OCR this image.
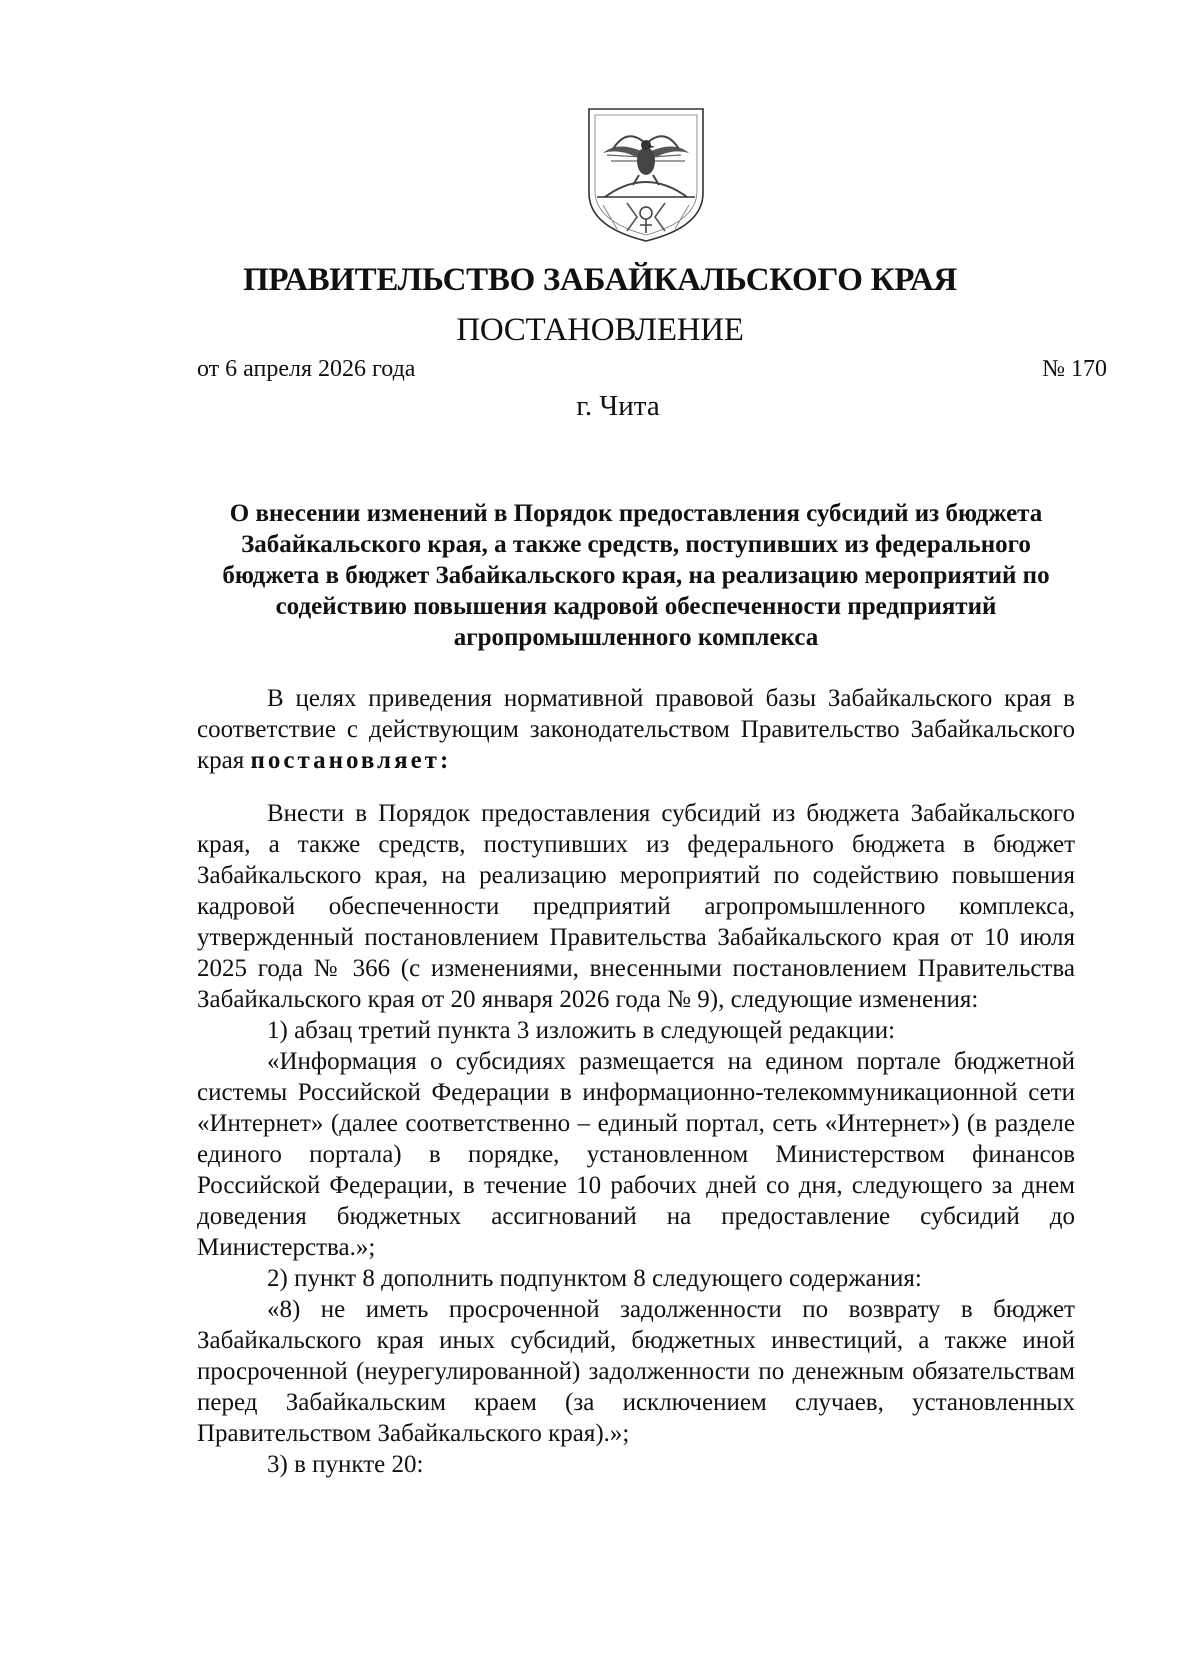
ПРАВИТЕЛЬСТВО ЗАБАЙКАЛЬСКОГО КРАЯ
ПОСТАНОВЛЕНИЕ
от 6 апреля 2026 года	№ 170
г. Чита

О внесении изменений в Порядок предоставления субсидий из бюджета Забайкальского края, а также средств, поступивших из федерального бюджета в бюджет Забайкальского края, на реализацию мероприятий по содействию повышения кадровой обеспеченности предприятий агропромышленного комплекса

В целях приведения нормативной правовой базы Забайкальского края в соответствие с действующим законодательством Правительство Забайкальского края постановляет:

Внести в Порядок предоставления субсидий из бюджета Забайкальского края, а также средств, поступивших из федерального бюджета в бюджет Забайкальского края, на реализацию мероприятий по содействию повышения кадровой обеспеченности предприятий агропромышленного комплекса, утвержденный постановлением Правительства Забайкальского края от 10 июля 2025 года № 366 (с изменениями, внесенными постановлением Правительства Забайкальского края от 20 января 2026 года № 9), следующие изменения:

1) абзац третий пункта 3 изложить в следующей редакции:

«Информация о субсидиях размещается на едином портале бюджетной системы Российской Федерации в информационно-телекоммуникационной сети «Интернет» (далее соответственно – единый портал, сеть «Интернет») (в разделе единого портала) в порядке, установленном Министерством финансов Российской Федерации, в течение 10 рабочих дней со дня, следующего за днем доведения бюджетных ассигнований на предоставление субсидий до Министерства.»;

2) пункт 8 дополнить подпунктом 8 следующего содержания:

«8) не иметь просроченной задолженности по возврату в бюджет Забайкальского края иных субсидий, бюджетных инвестиций, а также иной просроченной (неурегулированной) задолженности по денежным обязательствам перед Забайкальским краем (за исключением случаев, установленных Правительством Забайкальского края).»;

3) в пункте 20:
